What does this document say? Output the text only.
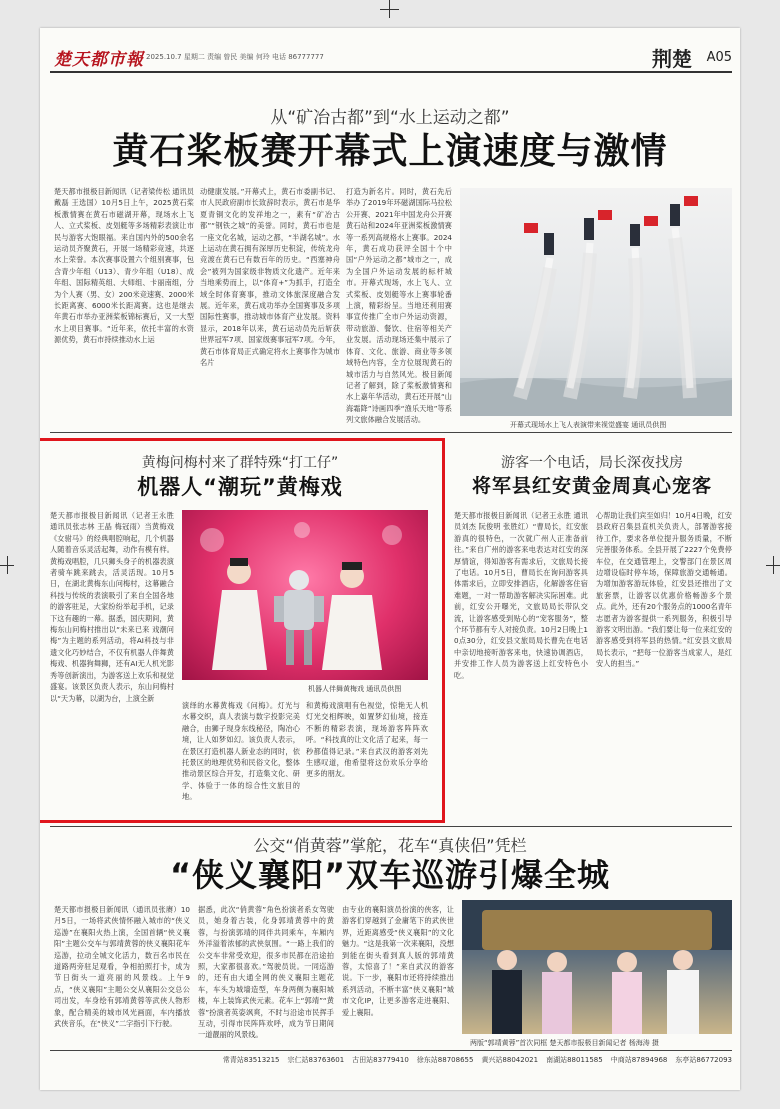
楚天都市報 2025.10.7 星期二 责编 曾民 美编 何玲 电话 86777777	荆楚 A05
从“矿冶古都”到“水上运动之都”
黄石桨板赛开幕式上演速度与激情
楚天都市报极目新闻讯（记者梁传松 通讯员戴磊 王选国）10月5日上午，2025黄石桨板激情赛在黄石市磁湖开幕，现场水上飞人、立式桨板、皮划艇等多场精彩表演让市民与游客大饱眼福。来自国内外的500余名运动员齐聚黄石，开展一场精彩竞速，共逐水上荣誉。本次赛事设置六个组别赛事，包含青少年组（U13）、青少年组（U18）、成年组、国际精英组、大师组、卡丽南组，分为个人赛（男、女）200米竞速赛、2000米长距离赛、6000米长距离赛。这也是继去年黄石市举办亚洲桨板锦标赛后，又一大型水上项目赛事。“近年来，依托丰富的水资源优势，黄石市持续推动水上运
动健康发展。”开幕式上，黄石市委副书记、市人民政府副市长致辞时表示，黄石市是华夏青铜文化的发祥地之一，素有“矿冶古都”“钢铁之城”的美誉。同时，黄石市也是一座文化名城，运动之都，“半湖名城”。水上运动在黄石拥有深厚历史积淀，传统龙舟竞渡在黄石已有数百年的历史。“西塞神舟会”被列为国家级非物质文化遗产。近年来当地乘势而上，以“体育+”为抓手，打造全域全时体育赛事，推动文体旅深度融合发展。近年来，黄石成功举办全国赛事及多项国际性赛事，推动城市体育产业发展。资料显示，2018年以来，黄石运动员先后斩获世界冠军7项、国家级赛事冠军7项。今年，黄石市体育局正式确定将水上赛事作为城市名片
打造为新名片。同时，黄石先后举办了2019年环磁湖国际马拉松公开赛、2021年中国龙舟公开赛黄石站和2024年亚洲桨板激情赛等一系列高规格水上赛事。2024年，黄石成功获评全国十个中国“户外运动之都”城市之一，成为全国户外运动发展的标杆城市。开幕式现场，水上飞人、立式桨板、皮划艇等水上赛事轮番上演，精彩纷呈。当地还利用赛事宣传推广全市户外运动资源，带动旅游、餐饮、住宿等相关产业发展。活动现场还集中展示了体育、文化、旅游、商业等多领域特色内容，全方位展现黄石的城市活力与自然风光。极目新闻记者了解到，除了桨板激情赛和水上嘉年华活动，黄石还开展“山海霜降”诗画四季“渔乐天地”等系列文旅体融合发展活动。
开幕式现场水上飞人表演带来视觉盛宴 通讯员供图
黄梅问梅村来了群特殊“打工仔”
机器人“潮玩”黄梅戏
楚天都市报极目新闻讯（记者王永胜 通讯员张志林 王晶 梅冠雨）当黄梅戏《女驸马》的经典唱腔响起，几个机器人随着音乐灵活起舞，动作有模有样。黄梅戏唱腔，几只狮头身子的机器表演者骑车跳来跳去，活灵活现。10月5日，在湖北黄梅东山问梅村，这幕融合科技与传统的表演吸引了来自全国各地的游客驻足，大家纷纷举起手机，记录下这有趣的一幕。据悉，国庆期间，黄梅东山问梅村推出以“未来已来 戏潮问梅”为主题的系列活动，将AI科技与非遗文化巧妙结合，不仅有机器人伴舞黄梅戏、机器狗舞狮，还有AI无人机光影秀等创新演出，为游客送上欢乐和视觉盛宴。该景区负责人表示，东山问梅村以“天为幕，以湖为台，上演全新
机器人伴舞黄梅戏 通讯员供图
演绎的水幕黄梅戏《问梅》。灯光与水幕交织，真人表演与数字投影完美融合，由狮子现身东线秘径，陶冶心境，让人如梦如幻。该负责人表示，在景区打造机器人新业态的同时，依托景区的地理优势和民俗文化，整体推动景区综合开发，打造集文化、研学、体验于一体的综合性文旅目的地。
和黄梅戏演唱有色视觉，惊艳无人机灯光交相辉映，如置梦幻仙境，接连不断的精彩表演，现场游客阵阵欢呼。“科技真的让文化活了起来，每一秒都值得记录。”来自武汉的游客刘先生感叹道，他希望将这份欢乐分享给更多的朋友。
游客一个电话，局长深夜找房
将军县红安黄金周真心宠客
楚天都市报极目新闻讯（记者王永胜 通讯员刘杰 阮俊明 张胜红）“曹局长，红安旅游真的很特色，一次就广州人正准备前往。”来自广州的游客来电表达对红安的深厚情谊，得知游客有需求后，文旅局长接了电话。10月5日，曹局长在询问游客具体需求后，立即安排酒店，化解游客住宿难题，一对一帮助游客解决实际困难。此前，红安公开曝光，文旅局局长带队交流，让游客感受到贴心的“宠客服务”，整个环节都有专人对接负责。10月2日晚上10点30分，红安县文旅局局长曹先在电话中亲切地接听游客来电，快速协调酒店，并安排工作人员为游客送上红安特色小吃。
心帮助让我们宾至如归！10月4日晚，红安县政府召集县直机关负责人，部署游客接待工作，要求各单位提升服务质量，不断完善服务体系。全县开展了2227个免费停车位，在交通管理上，交警部门在景区周边增设临时停车场，保障旅游交通畅通。为增加游客游玩体验，红安县还推出了文旅套票，让游客以优惠价格畅游多个景点。此外，还有20个服务点的1000名青年志愿者为游客提供一系列服务，积极引导游客文明出游。“我们要让每一位来红安的游客感受到将军县的热情。”红安县文旅局局长表示，“把每一位游客当成家人，是红安人的担当。”
公交“俏黄蓉”掌舵，花车“真侠侣”凭栏
“侠义襄阳”双车巡游引爆全城
楚天都市报极目新闻讯（通讯员张赓）10月5日，一场将武侠情怀融入城市的“侠义巡游”在襄阳火热上演，全国首辆“侠义襄阳”主题公交车与郭靖黄蓉的侠义襄阳花车巡游，拉动全城文化活力，数百名市民在道路两旁驻足观看，争相拍照打卡，成为节日街头一道亮丽的风景线。上午9点，“侠义襄阳”主题公交从襄阳公交总公司出发，车身绘有郭靖黄蓉等武侠人物形象，配合精美的城市风光画面，车内播放武侠音乐，在“侠义”二字指引下行驶。
据悉，此次“俏黄蓉”角色扮演者系女驾驶员，她身着古装，化身郭靖黄蓉中的黄蓉，与扮演郭靖的同伴共同乘车，车厢内外洋溢着浓郁的武侠氛围。“一路上我们的公交车非常受欢迎，很多市民都在沿途拍照，大家都很喜欢。”驾驶员说。一同巡游的，还有由大通全网的侠义襄阳主题花车，车头为城墙造型，车身两侧为襄阳城楼，车上装饰武侠元素。花车上“郭靖”“黄蓉”扮演者英姿飒爽，不时与沿途市民挥手互动，引得市民阵阵欢呼，成为节日期间一道靓丽的风景线。
由专业的襄阳演员扮演的侠客，让游客们穿越到了金庸笔下的武侠世界，近距离感受“侠义襄阳”的文化魅力。“这是我第一次来襄阳，没想到能在街头看到真人版的郭靖黄蓉，太惊喜了！”来自武汉的游客说。下一步，襄阳市还将持续推出系列活动，不断丰富“侠义襄阳”城市文化IP，让更多游客走进襄阳、爱上襄阳。
两版“郭靖黄蓉”首次同框 楚天都市报极目新闻记者 杨海涛 摄
常青站83513215 宗仁站83763601 古田站83779410 徐东站88708655 黄兴站88042021 南湖站88011585 中商站87894968 东亭站86772093
